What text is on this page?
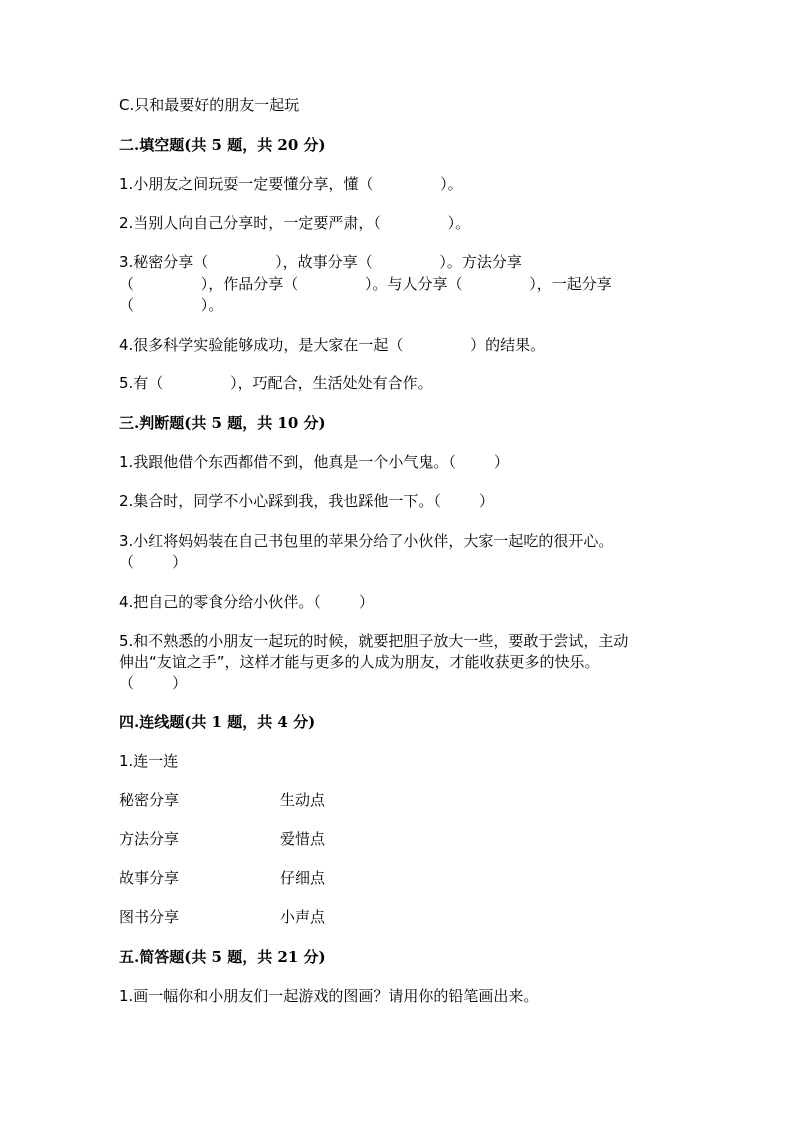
C.只和最要好的朋友一起玩
二.填空题(共 5 题，共 20 分)
1.小朋友之间玩耍一定要懂分享，懂（              ）。
2.当别人向自己分享时，一定要严肃，（              ）。
3.秘密分享（              ），故事分享（              ）。方法分享
（              ），作品分享（              ）。与人分享（              ），一起分享
（              ）。
4.很多科学实验能够成功，是大家在一起（              ）的结果。
5.有（              ），巧配合，生活处处有合作。
三.判断题(共 5 题，共 10 分)
1.我跟他借个东西都借不到，他真是一个小气鬼。（        ）
2.集合时，同学不小心踩到我，我也踩他一下。（        ）
3.小红将妈妈装在自己书包里的苹果分给了小伙伴，大家一起吃的很开心。
（        ）
4.把自己的零食分给小伙伴。（        ）
5.和不熟悉的小朋友一起玩的时候，就要把胆子放大一些，要敢于尝试，主动
伸出“友谊之手”，这样才能与更多的人成为朋友，才能收获更多的快乐。
（        ）
四.连线题(共 1 题，共 4 分)
1.连一连
秘密分享	生动点
方法分享	爱惜点
故事分享	仔细点
图书分享	小声点
五.简答题(共 5 题，共 21 分)
1.画一幅你和小朋友们一起游戏的图画？请用你的铅笔画出来。
